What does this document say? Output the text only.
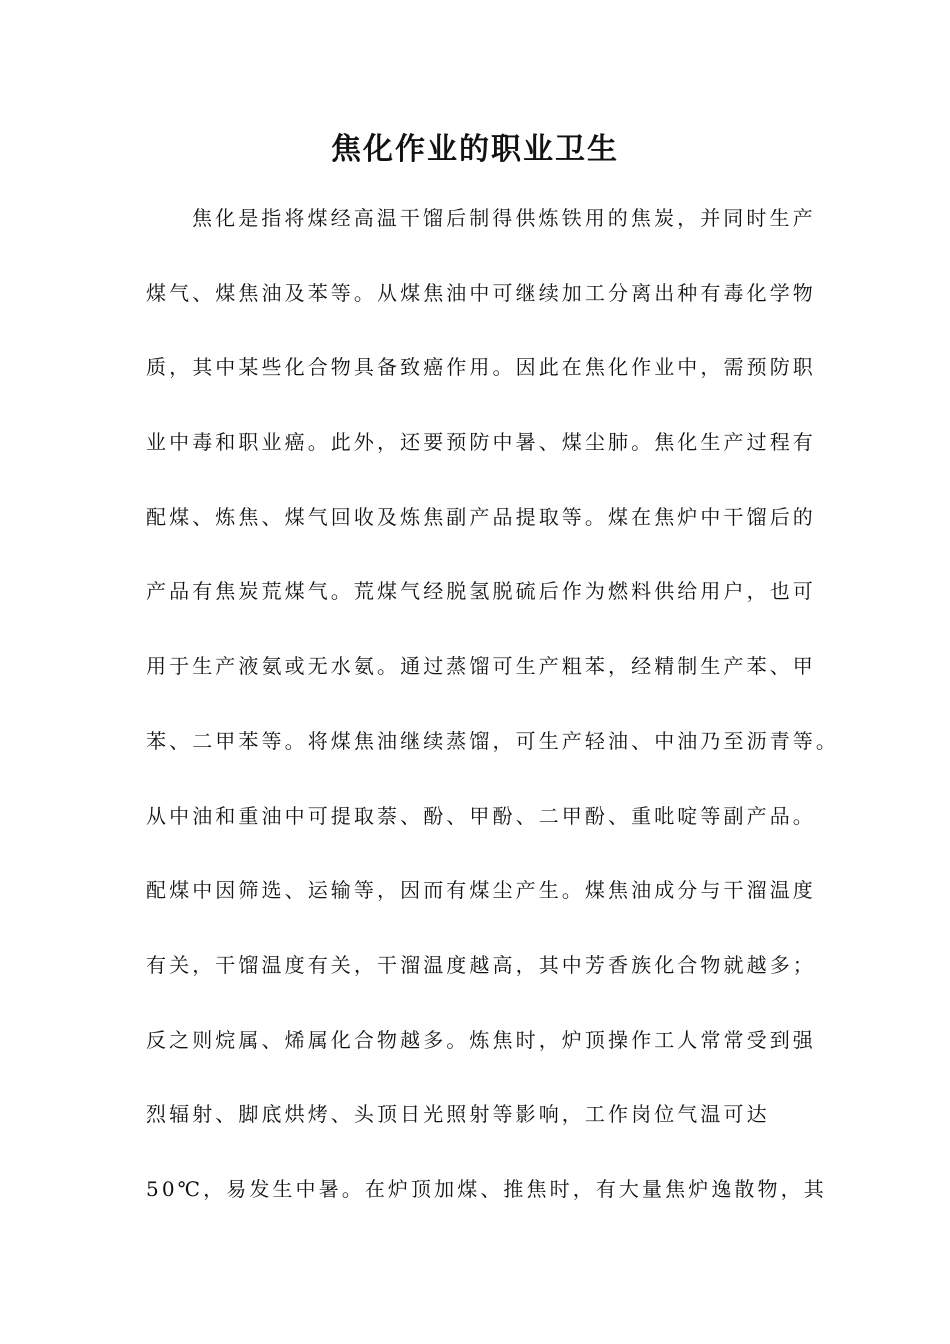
焦化作业的职业卫生
焦化是指将煤经高温干馏后制得供炼铁用的焦炭，并同时生产
煤气、煤焦油及苯等。从煤焦油中可继续加工分离出种有毒化学物
质，其中某些化合物具备致癌作用。因此在焦化作业中，需预防职
业中毒和职业癌。此外，还要预防中暑、煤尘肺。焦化生产过程有
配煤、炼焦、煤气回收及炼焦副产品提取等。煤在焦炉中干馏后的
产品有焦炭荒煤气。荒煤气经脱氢脱硫后作为燃料供给用户，也可
用于生产液氨或无水氨。通过蒸馏可生产粗苯，经精制生产苯、甲
苯、二甲苯等。将煤焦油继续蒸馏，可生产轻油、中油乃至沥青等。
从中油和重油中可提取萘、酚、甲酚、二甲酚、重吡啶等副产品。
配煤中因筛选、运输等，因而有煤尘产生。煤焦油成分与干溜温度
有关，干馏温度有关，干溜温度越高，其中芳香族化合物就越多；
反之则烷属、烯属化合物越多。炼焦时，炉顶操作工人常常受到强
烈辐射、脚底烘烤、头顶日光照射等影响，工作岗位气温可达
50℃，易发生中暑。在炉顶加煤、推焦时，有大量焦炉逸散物，其
